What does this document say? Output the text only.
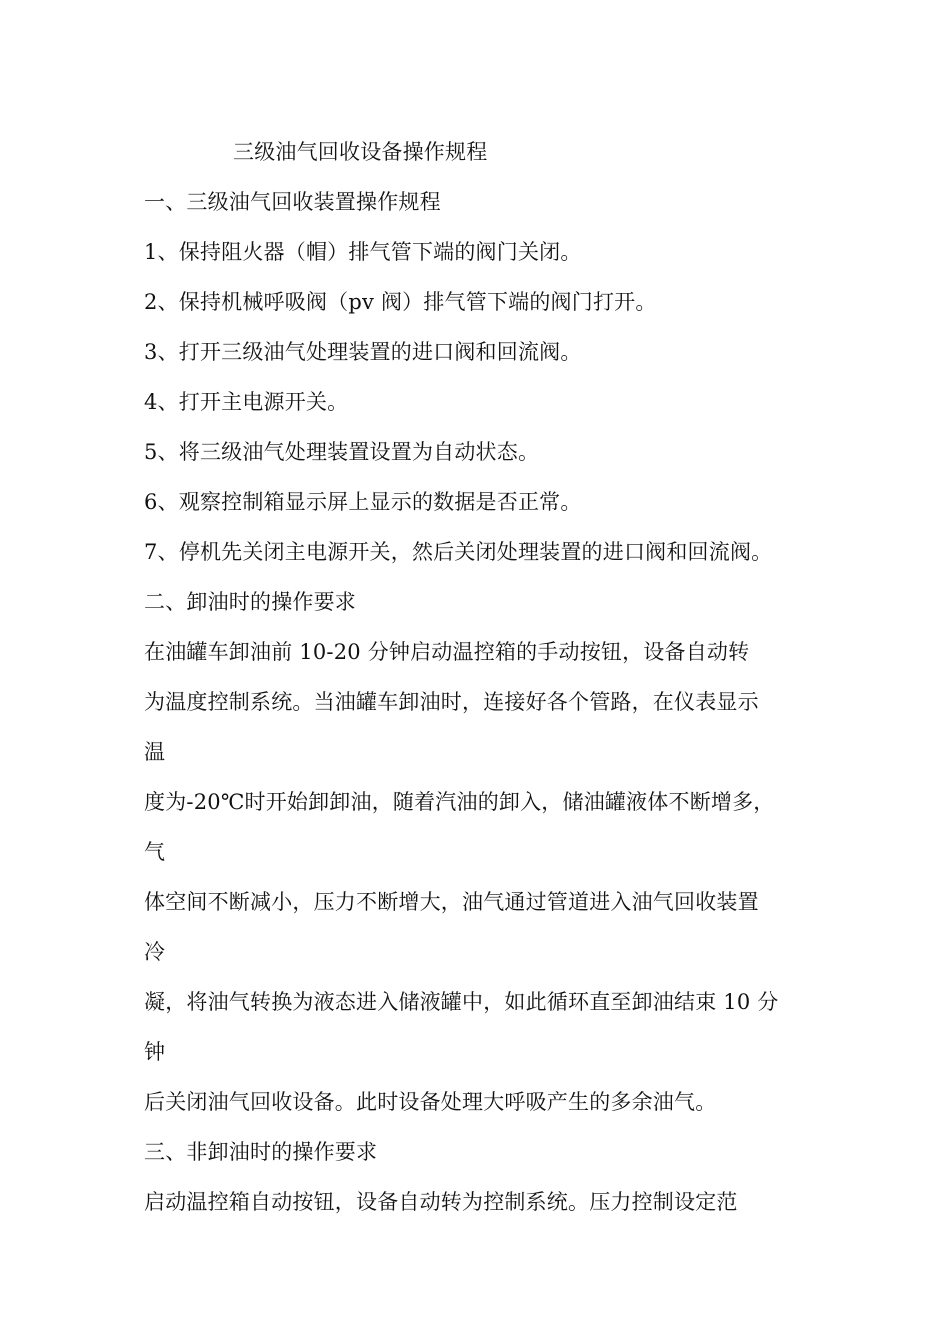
三级油气回收设备操作规程
一、三级油气回收装置操作规程
1、保持阻火器（帽）排气管下端的阀门关闭。
2、保持机械呼吸阀（pv 阀）排气管下端的阀门打开。
3、打开三级油气处理装置的进口阀和回流阀。
4、打开主电源开关。
5、将三级油气处理装置设置为自动状态。
6、观察控制箱显示屏上显示的数据是否正常。
7、停机先关闭主电源开关，然后关闭处理装置的进口阀和回流阀。
二、卸油时的操作要求
在油罐车卸油前 10-20 分钟启动温控箱的手动按钮，设备自动转
为温度控制系统。当油罐车卸油时，连接好各个管路，在仪表显示
温
度为-20℃时开始卸卸油，随着汽油的卸入，储油罐液体不断增多，
气
体空间不断减小，压力不断增大，油气通过管道进入油气回收装置
冷
凝，将油气转换为液态进入储液罐中，如此循环直至卸油结束 10 分
钟
后关闭油气回收设备。此时设备处理大呼吸产生的多余油气。
三、非卸油时的操作要求
启动温控箱自动按钮，设备自动转为控制系统。压力控制设定范
